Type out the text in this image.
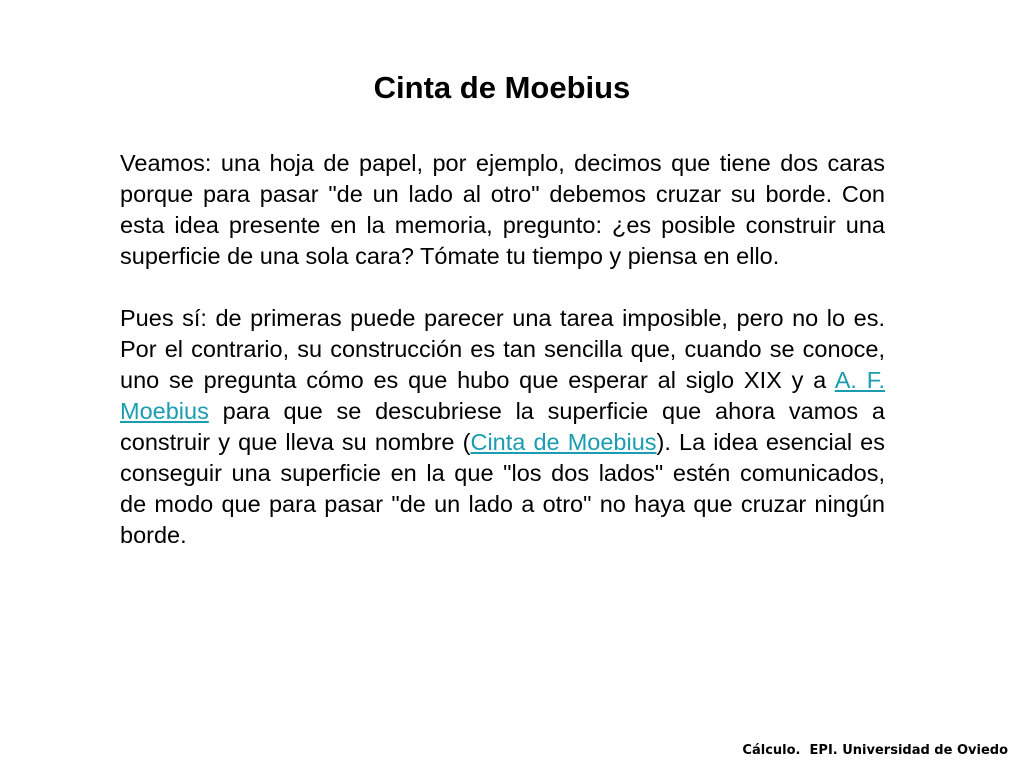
Cinta de Moebius

Veamos: una hoja de papel, por ejemplo, decimos que tiene dos caras porque para pasar "de un lado al otro" debemos cruzar su borde. Con esta idea presente en la memoria, pregunto: ¿es posible construir una superficie de una sola cara? Tómate tu tiempo y piensa en ello.

Pues sí: de primeras puede parecer una tarea imposible, pero no lo es. Por el contrario, su construcción es tan sencilla que, cuando se conoce, uno se pregunta cómo es que hubo que esperar al siglo XIX y a A. F. Moebius para que se descubriese la superficie que ahora vamos a construir y que lleva su nombre (Cinta de Moebius). La idea esencial es conseguir una superficie en la que "los dos lados" estén comunicados, de modo que para pasar "de un lado a otro" no haya que cruzar ningún borde.

Cálculo.  EPI. Universidad de Oviedo
